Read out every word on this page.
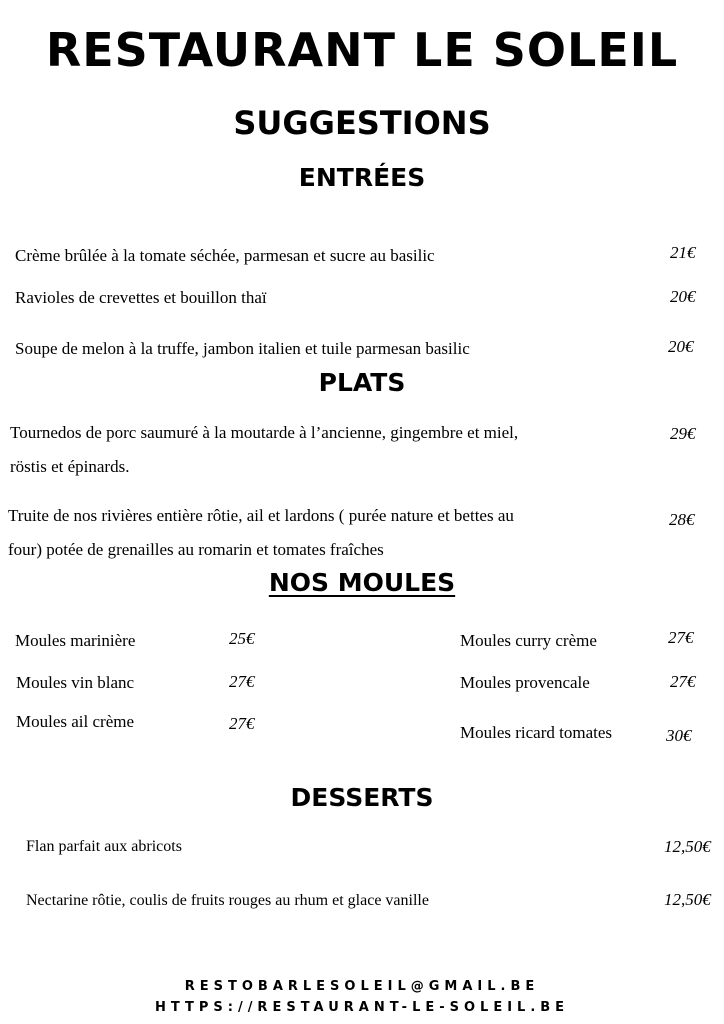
RESTAURANT LE SOLEIL
SUGGESTIONS
ENTRÉES
Crème brûlée à la tomate séchée, parmesan et sucre au basilic	21€
Ravioles de crevettes et bouillon thaï	20€
Soupe de melon à la truffe, jambon italien et tuile parmesan basilic	20€
PLATS
Tournedos de porc saumuré à la moutarde à l’ancienne, gingembre et miel,
röstis et épinards.
29€
Truite de nos rivières entière rôtie, ail et lardons ( purée nature et bettes au
four) potée de grenailles au romarin et tomates fraîches
28€
NOS MOULES
Moules marinière	25€
Moules vin blanc	27€
Moules ail crème	27€
Moules curry crème	27€
Moules provencale	27€
Moules ricard tomates	30€
DESSERTS
Flan parfait aux abricots	12,50€
Nectarine rôtie, coulis de fruits rouges au rhum et glace vanille	12,50€
RESTOBARLESOLEIL@GMAIL.BE
HTTPS://RESTAURANT-LE-SOLEIL.BE
